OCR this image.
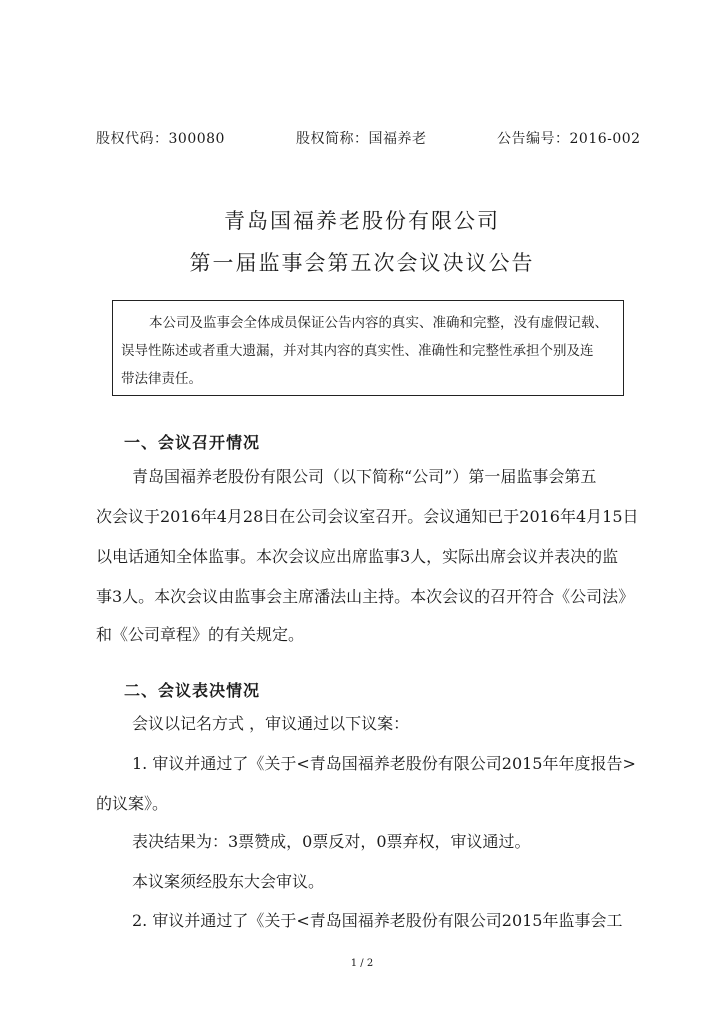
股权代码：300080	股权简称：国福养老	公告编号：2016-002
青岛国福养老股份有限公司
第一届监事会第五次会议决议公告
本公司及监事会全体成员保证公告内容的真实、准确和完整，没有虚假记载、
误导性陈述或者重大遗漏，并对其内容的真实性、准确性和完整性承担个别及连
带法律责任。
一、会议召开情况
青岛国福养老股份有限公司（以下简称“公司”）第一届监事会第五
次会议于2016年4月28日在公司会议室召开。会议通知已于2016年4月15日
以电话通知全体监事。本次会议应出席监事3人，实际出席会议并表决的监
事3人。本次会议由监事会主席潘法山主持。本次会议的召开符合《公司法》
和《公司章程》的有关规定。
二、会议表决情况
会议以记名方式 ，审议通过以下议案：
1. 审议并通过了《关于<青岛国福养老股份有限公司2015年年度报告>
的议案》。
表决结果为：3票赞成，0票反对，0票弃权，审议通过。
本议案须经股东大会审议。
2. 审议并通过了《关于<青岛国福养老股份有限公司2015年监事会工
1 / 2
